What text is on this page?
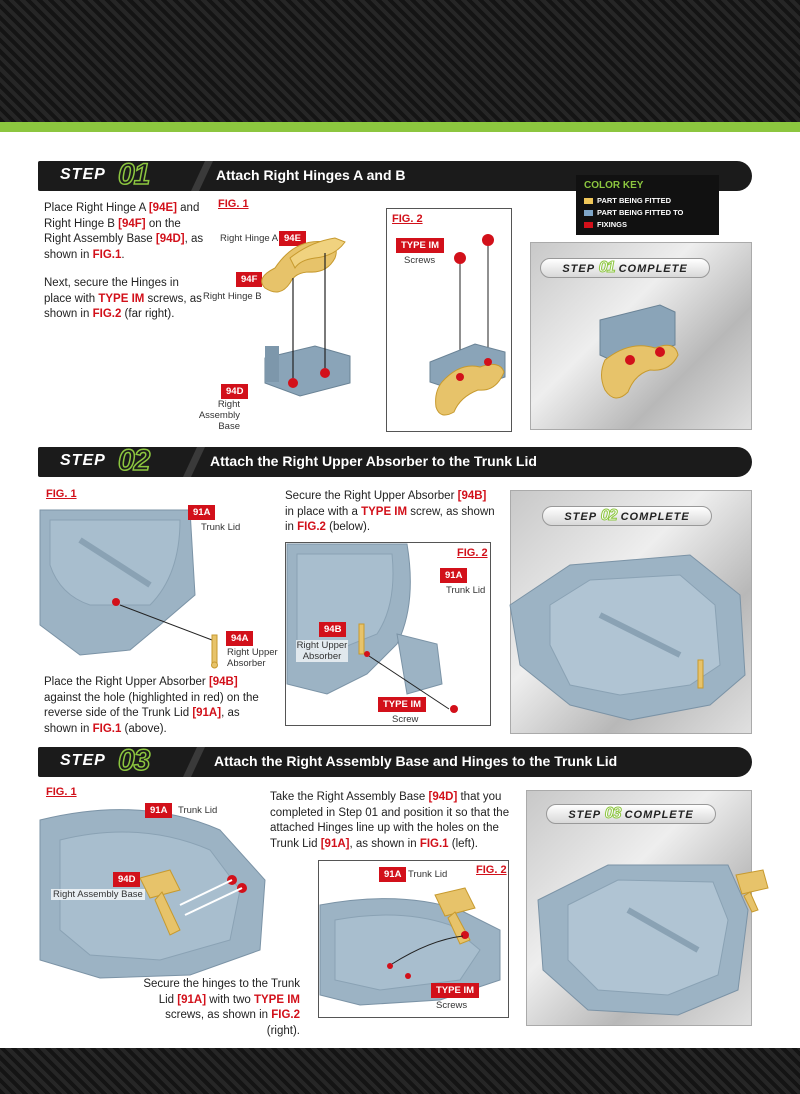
STEP 01	Attach Right Hinges A and B
COLOR KEY
PART BEING FITTED
PART BEING FITTED TO
FIXINGS
Place Right Hinge A [94E] and Right Hinge B [94F] on the Right Assembly Base [94D], as shown in FIG.1.
Next, secure the Hinges in place with TYPE IM screws, as shown in FIG.2 (far right).
FIG. 1
Right Hinge A 94E
94F
Right Hinge B
94D
Right Assembly
Base
FIG. 2
TYPE IM
Screws
STEP 01 COMPLETE
STEP 02	Attach the Right Upper Absorber to the Trunk Lid
FIG. 1
91A
Trunk Lid
94A
Right Upper
Absorber
Secure the Right Upper Absorber [94B] in place with a TYPE IM screw, as shown in FIG.2 (below).
Place the Right Upper Absorber [94B] against the hole (highlighted in red) on the reverse side of the Trunk Lid [91A], as shown in FIG.1 (above).
FIG. 2
91A
Trunk Lid
94B
Right Upper
Absorber
TYPE IM
Screw
STEP 02 COMPLETE
STEP 03	Attach the Right Assembly Base and Hinges to the Trunk Lid
FIG. 1
91A	Trunk Lid
94D
Right Assembly Base
Take the Right Assembly Base [94D] that you completed in Step 01 and position it so that the attached Hinges line up with the holes on the Trunk Lid [91A], as shown in FIG.1 (left).
FIG. 2
91A Trunk Lid
TYPE IM
Screws
Secure the hinges to the Trunk Lid [91A] with two TYPE IM screws, as shown in FIG.2 (right).
STEP 03 COMPLETE
